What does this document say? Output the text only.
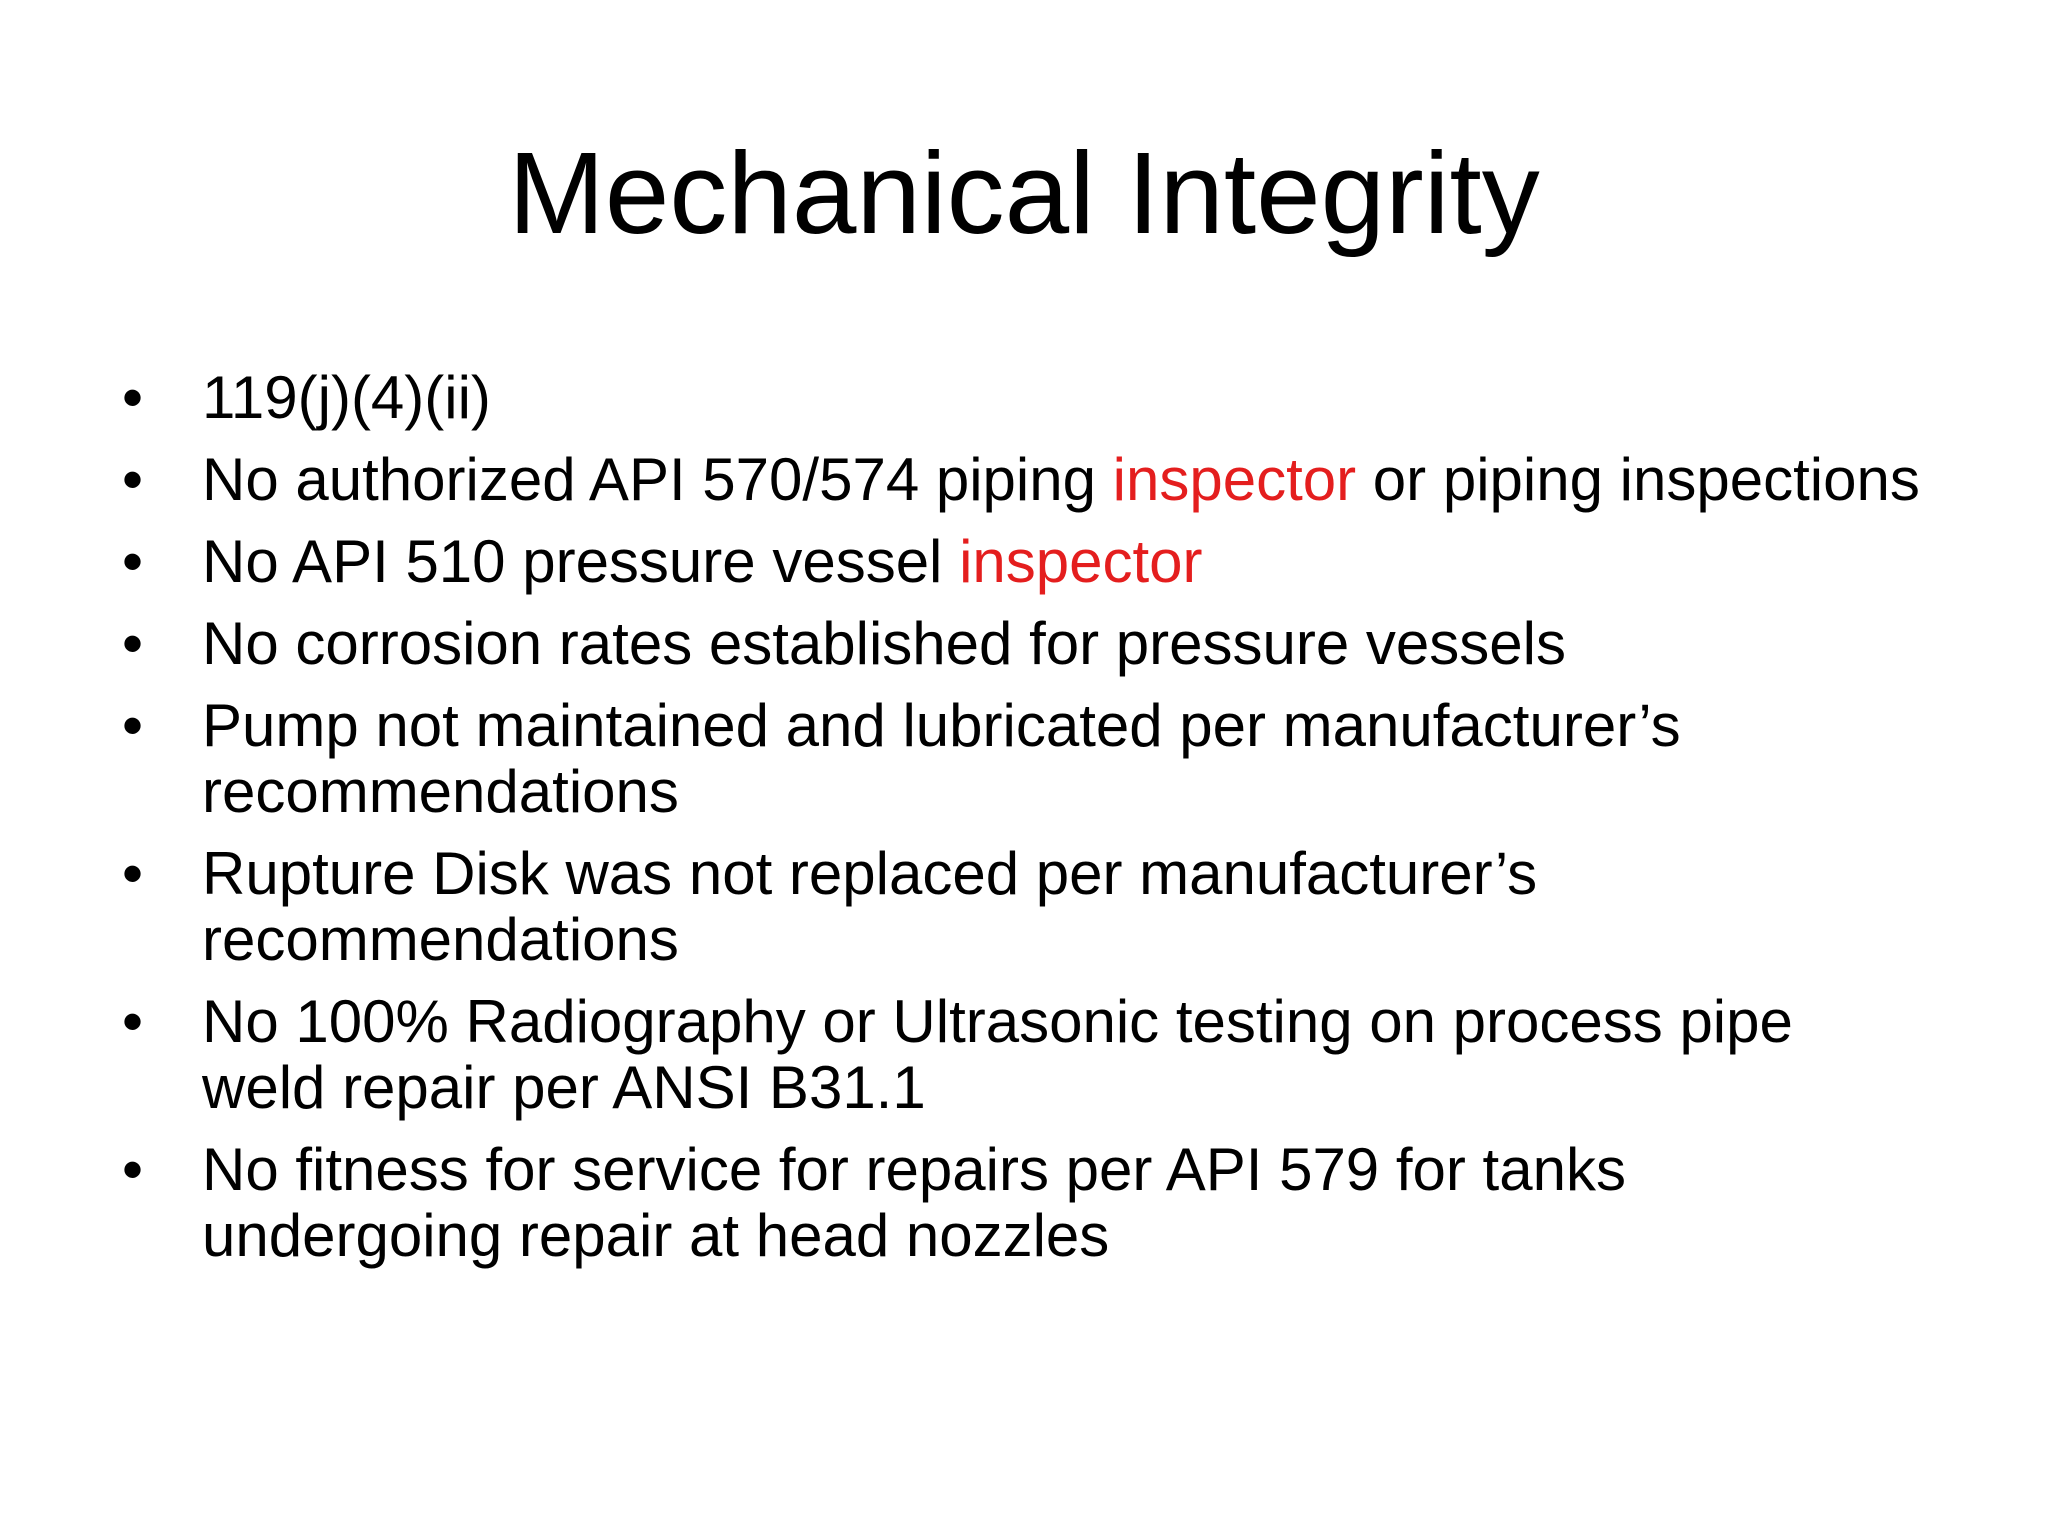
Mechanical Integrity
• 119(j)(4)(ii)
• No authorized API 570/574 piping inspector or piping inspections
• No API 510 pressure vessel inspector
• No corrosion rates established for pressure vessels
• Pump not maintained and lubricated per manufacturer’s recommendations
• Rupture Disk was not replaced per manufacturer’s recommendations
• No 100% Radiography or Ultrasonic testing on process pipe weld repair per ANSI B31.1
• No fitness for service for repairs per API 579 for tanks undergoing repair at head nozzles
